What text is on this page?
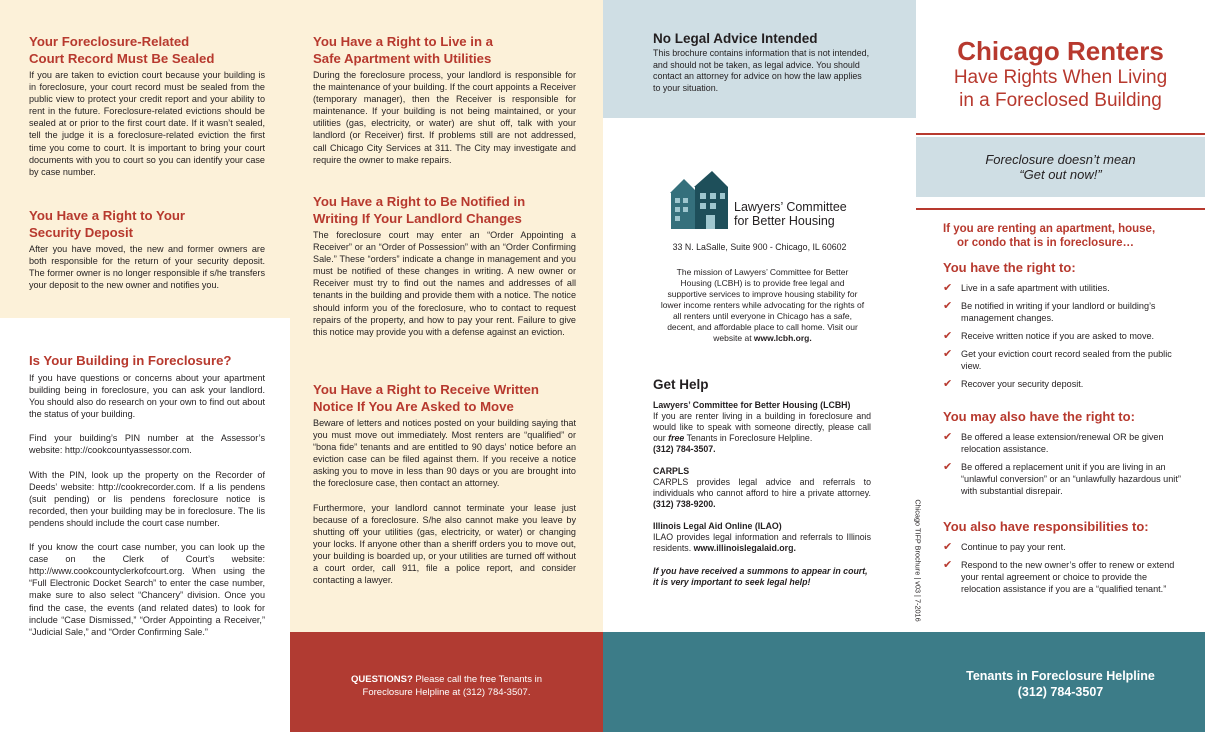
Your Foreclosure-Related
Court Record Must Be Sealed

If you are taken to eviction court because your building is in foreclosure, your court record must be sealed from the public view to protect your credit report and your ability to rent in the future. Foreclosure-related evictions should be sealed at or prior to the first court date. If it wasn’t sealed, tell the judge it is a foreclosure-related eviction the first time you come to court. It is important to bring your court documents with you to court so you can identify your case by case number.

You Have a Right to Your
Security Deposit

After you have moved, the new and former owners are both responsible for the return of your security deposit. The former owner is no longer responsible if s/he transfers your deposit to the new owner and notifies you.

Is Your Building in Foreclosure?

If you have questions or concerns about your apartment building being in foreclosure, you can ask your landlord. You should also do research on your own to find out about the status of your building.

Find your building’s PIN number at the Assessor’s website: http://cookcountyassessor.com.

With the PIN, look up the property on the Recorder of Deeds’ website: http://cookrecorder.com. If a lis pendens (suit pending) or lis pendens foreclosure notice is recorded, then your building may be in foreclosure. The lis pendens should include the court case number.

If you know the court case number, you can look up the case on the Clerk of Court’s website: http://www.cookcountyclerkofcourt.org. When using the “Full Electronic Docket Search” to enter the case number, make sure to also select “Chancery” division. Once you find the case, the events (and related dates) to look for include “Case Dismissed,” “Order Appointing a Receiver,” “Judicial Sale,” and “Order Confirming Sale.”

You Have a Right to Live in a
Safe Apartment with Utilities

During the foreclosure process, your landlord is responsible for the maintenance of your building. If the court appoints a Receiver (temporary manager), then the Receiver is responsible for maintenance. If your building is not being maintained, or your utilities (gas, electricity, or water) are shut off, talk with your landlord (or Receiver) first. If problems still are not addressed, call Chicago City Services at 311. The City may investigate and require the owner to make repairs.

You Have a Right to Be Notified in
Writing If Your Landlord Changes

The foreclosure court may enter an “Order Appointing a Receiver” or an “Order of Possession” with an “Order Confirming Sale.” These “orders” indicate a change in management and you must be notified of these changes in writing. A new owner or Receiver must try to find out the names and addresses of all tenants in the building and provide them with a notice. The notice should inform you of the foreclosure, who to contact to request repairs of the property, and how to pay your rent. Failure to give this notice may provide you with a defense against an eviction.

You Have a Right to Receive Written
Notice If You Are Asked to Move

Beware of letters and notices posted on your building saying that you must move out immediately. Most renters are “qualified” or “bona fide” tenants and are entitled to 90 days’ notice before an eviction case can be filed against them. If you receive a notice asking you to move in less than 90 days or you are brought into the foreclosure case, then contact an attorney.

Furthermore, your landlord cannot terminate your lease just because of a foreclosure. S/he also cannot make you leave by shutting off your utilities (gas, electricity, or water) or changing your locks. If anyone other than a sheriff orders you to move out, your building is boarded up, or your utilities are turned off without a court order, call 911, file a police report, and consider contacting a lawyer.

QUESTIONS? Please call the free Tenants in Foreclosure Helpline at (312) 784-3507.
No Legal Advice Intended

This brochure contains information that is not intended, and should not be taken, as legal advice. You should contact an attorney for advice on how the law applies to your situation.

Lawyers’ Committee
for Better Housing
33 N. LaSalle, Suite 900 - Chicago, IL 60602
The mission of Lawyers’ Committee for Better Housing (LCBH) is to provide free legal and supportive services to improve housing stability for lower income renters while advocating for the rights of all renters until everyone in Chicago has a safe, decent, and affordable place to call home. Visit our website at www.lcbh.org.
Get Help
Lawyers’ Committee for Better Housing (LCBH)
If you are renter living in a building in foreclosure and would like to speak with someone directly, please call our free Tenants in Foreclosure Helpline.
(312) 784-3507.
CARPLS
CARPLS provides legal advice and referrals to individuals who cannot afford to hire a private attorney. (312) 738-9200.
Illinois Legal Aid Online (ILAO)
ILAO provides legal information and referrals to Illinois residents. www.illinoislegalaid.org.
If you have received a summons to appear in court, it is very important to seek legal help!	Chicago TIFP Brochure | v03 | 7-2016
Chicago Renters
Have Rights When Living
in a Foreclosed Building
Foreclosure doesn’t mean
“Get out now!”
If you are renting an apartment, house,
or condo that is in foreclosure…
You have the right to:
✔ Live in a safe apartment with utilities.
✔ Be notified in writing if your landlord or building’s management changes.
✔ Receive written notice if you are asked to move.
✔ Get your eviction court record sealed from the public view.
✔ Recover your security deposit.
You may also have the right to:
✔ Be offered a lease extension/renewal OR be given relocation assistance.
✔ Be offered a replacement unit if you are living in an “unlawful conversion” or an “unlawfully hazardous unit” with substantial disrepair.
You also have responsibilities to:
✔ Continue to pay your rent.
✔ Respond to the new owner’s offer to renew or extend your rental agreement or choice to provide the relocation assistance if you are a “qualified tenant.”
Tenants in Foreclosure Helpline
(312) 784-3507
